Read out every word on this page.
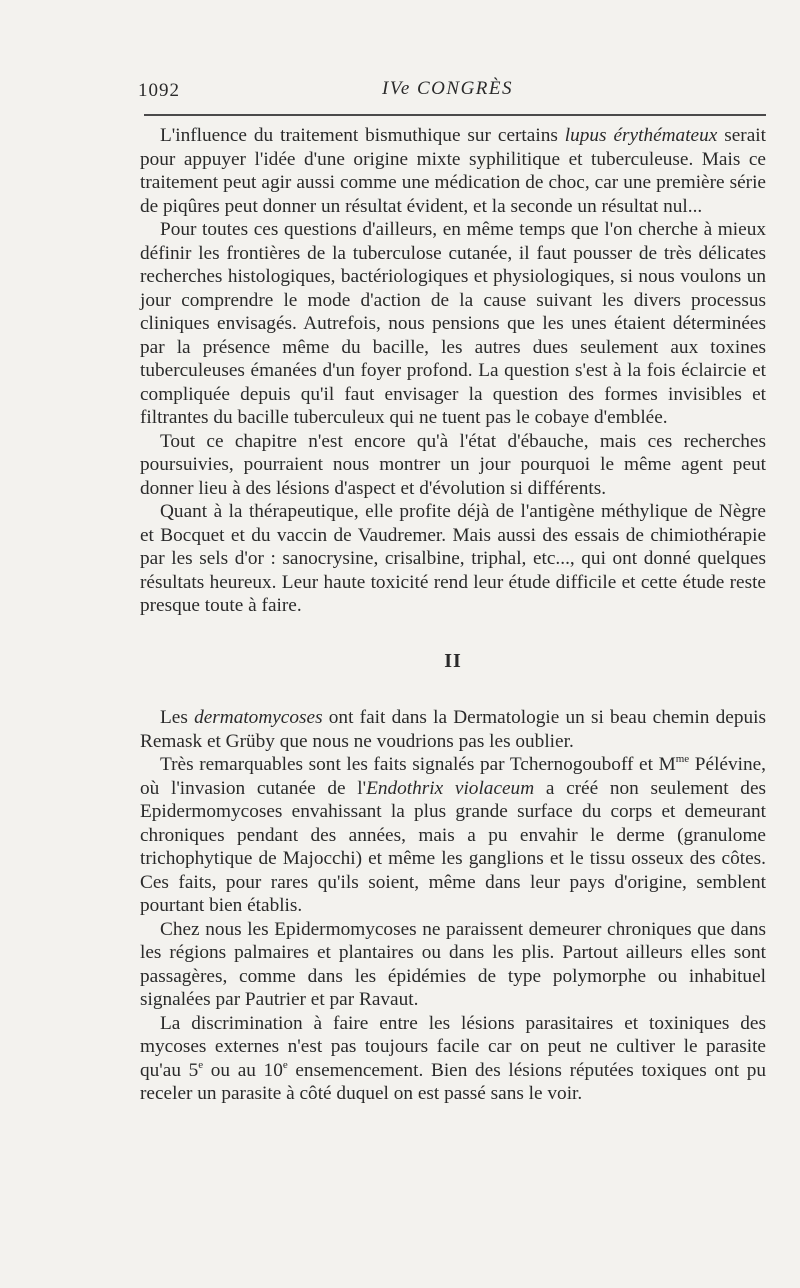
1092	IVe CONGRÈS

L'influence du traitement bismuthique sur certains lupus érythémateux serait pour appuyer l'idée d'une origine mixte syphilitique et tuberculeuse. Mais ce traitement peut agir aussi comme une médication de choc, car une première série de piqûres peut donner un résultat évident, et la seconde un résultat nul...

Pour toutes ces questions d'ailleurs, en même temps que l'on cherche à mieux définir les frontières de la tuberculose cutanée, il faut pousser de très délicates recherches histologiques, bactériologiques et physiologiques, si nous voulons un jour comprendre le mode d'action de la cause suivant les divers processus cliniques envisagés. Autrefois, nous pensions que les unes étaient déterminées par la présence même du bacille, les autres dues seulement aux toxines tuberculeuses émanées d'un foyer profond. La question s'est à la fois éclaircie et compliquée depuis qu'il faut envisager la question des formes invisibles et filtrantes du bacille tuberculeux qui ne tuent pas le cobaye d'emblée.

Tout ce chapitre n'est encore qu'à l'état d'ébauche, mais ces recherches poursuivies, pourraient nous montrer un jour pourquoi le même agent peut donner lieu à des lésions d'aspect et d'évolution si différents.

Quant à la thérapeutique, elle profite déjà de l'antigène méthylique de Nègre et Bocquet et du vaccin de Vaudremer. Mais aussi des essais de chimiothérapie par les sels d'or : sanocrysine, crisalbine, triphal, etc..., qui ont donné quelques résultats heureux. Leur haute toxicité rend leur étude difficile et cette étude reste presque toute à faire.

II

Les dermatomycoses ont fait dans la Dermatologie un si beau chemin depuis Remask et Grüby que nous ne voudrions pas les oublier.

Très remarquables sont les faits signalés par Tchernogouboff et $M^{me}$ Pélévine, où l'invasion cutanée de l'Endothrix violaceum a créé non seulement des Epidermomycoses envahissant la plus grande surface du corps et demeurant chroniques pendant des années, mais a pu envahir le derme (granulome trichophytique de Majocchi) et même les ganglions et le tissu osseux des côtes. Ces faits, pour rares qu'ils soient, même dans leur pays d'origine, semblent pourtant bien établis.

Chez nous les Epidermomycoses ne paraissent demeurer chroniques que dans les régions palmaires et plantaires ou dans les plis. Partout ailleurs elles sont passagères, comme dans les épidémies de type polymorphe ou inhabituel signalées par Pautrier et par Ravaut.

La discrimination à faire entre les lésions parasitaires et toxiniques des mycoses externes n'est pas toujours facile car on peut ne cultiver le parasite qu'au 5e ou au 10e ensemencement. Bien des lésions réputées toxiques ont pu receler un parasite à côté duquel on est passé sans le voir.
